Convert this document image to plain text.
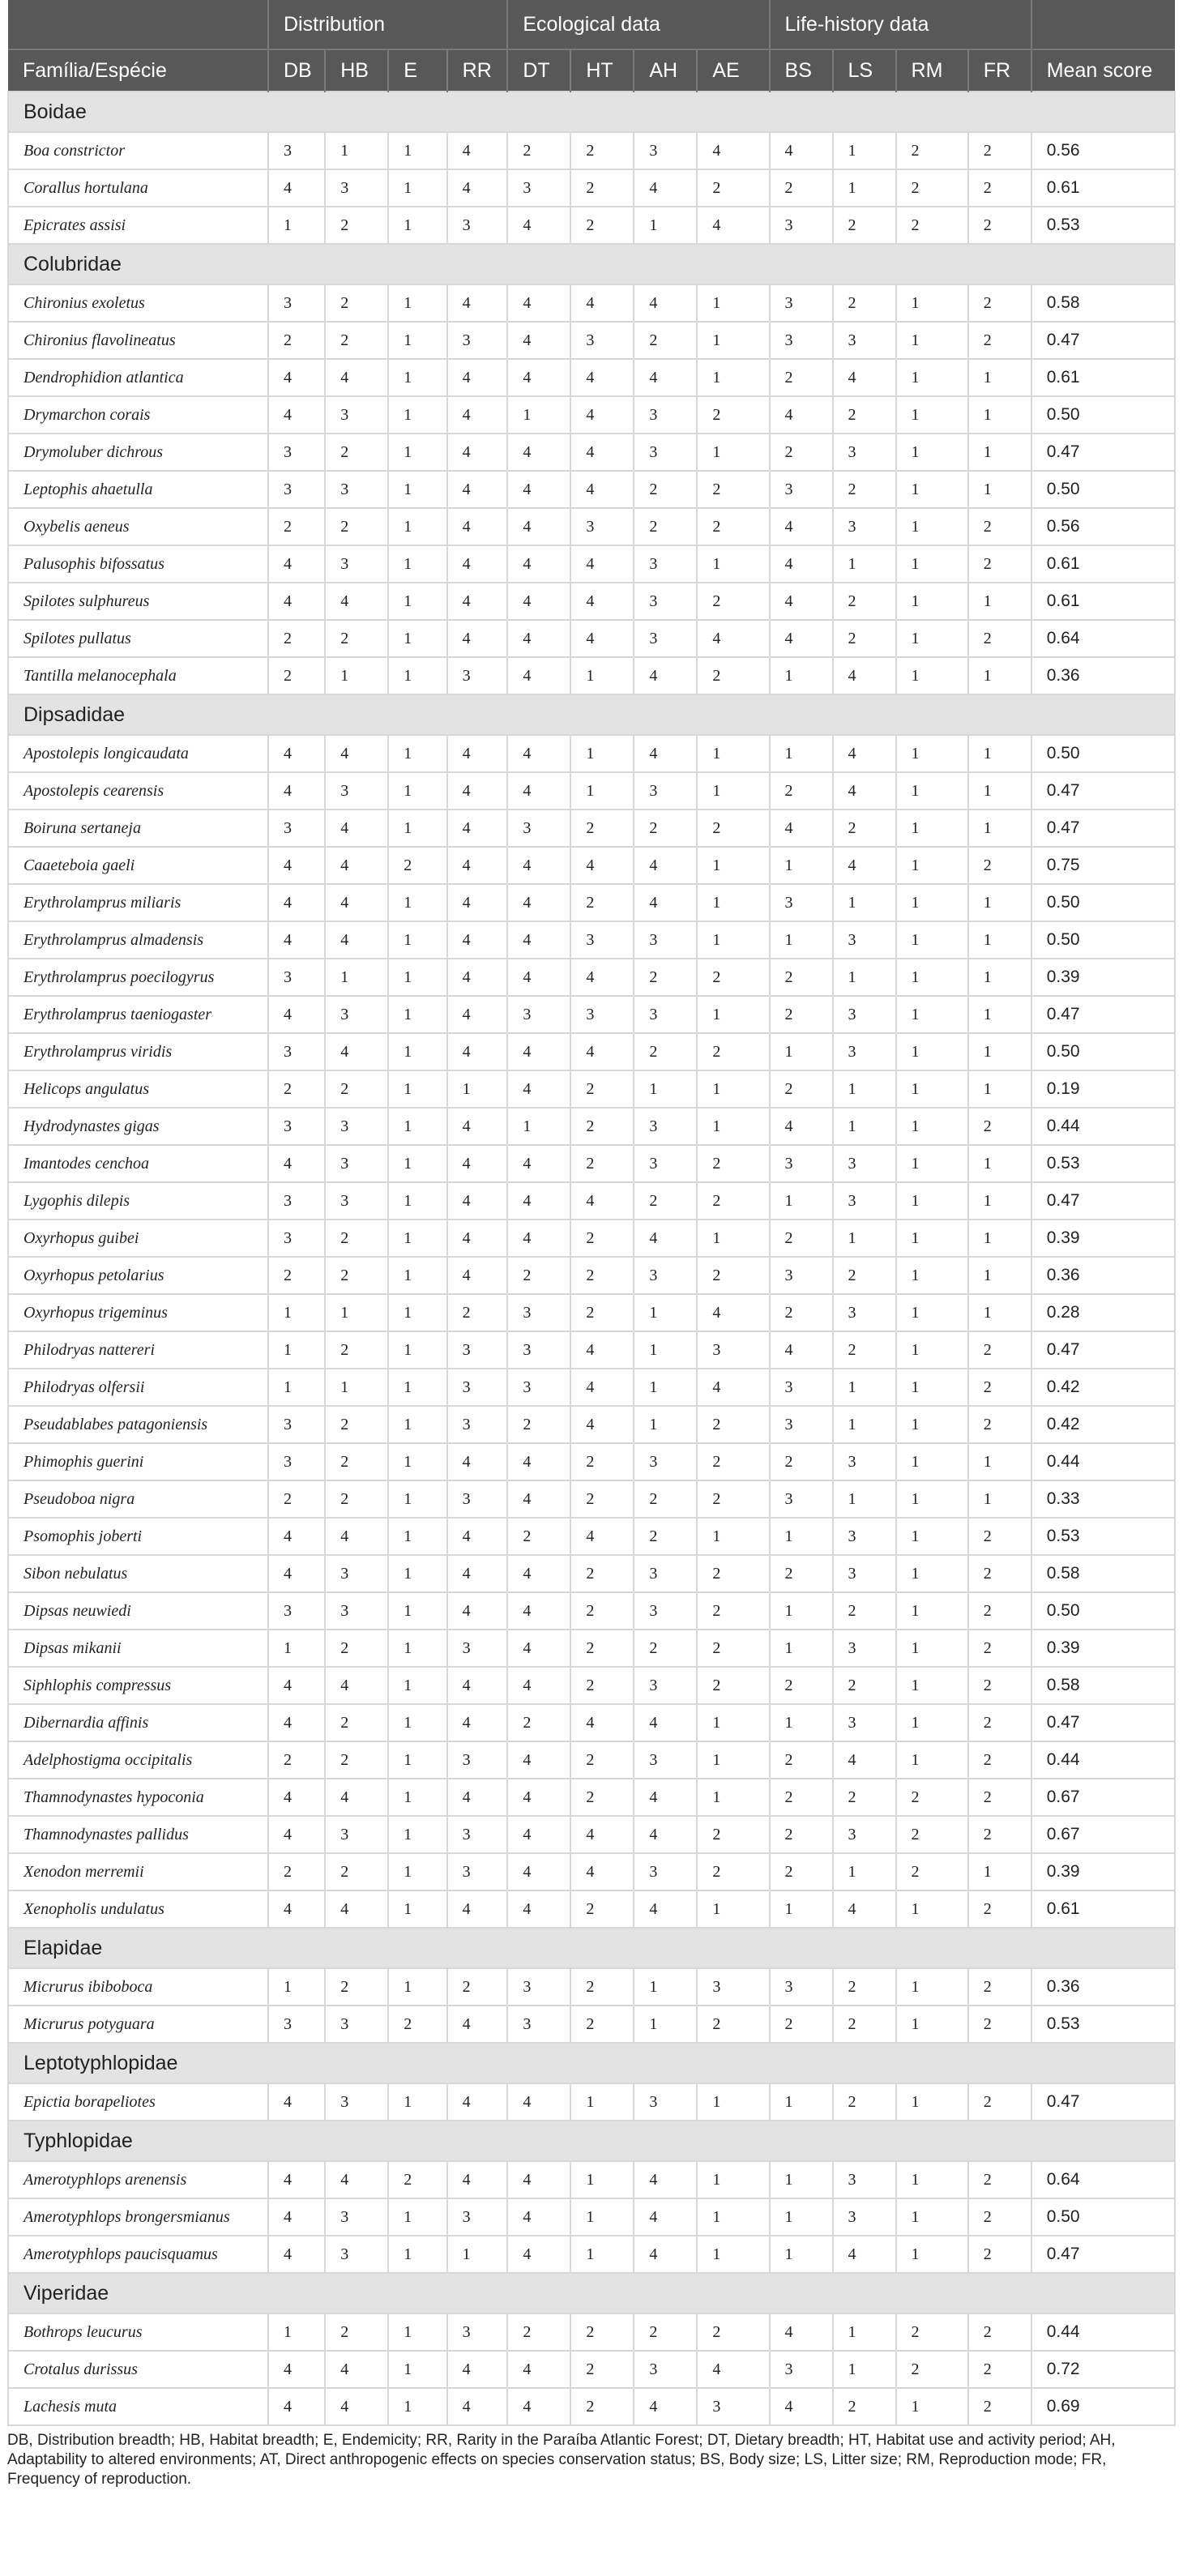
	Distribution				Ecological data				Life-history data				
Família/Espécie	DB	HB	E	RR	DT	HT	AH	AE	BS	LS	RM	FR	Mean score
Boidae													
Boa constrictor	3	1	1	4	2	2	3	4	4	1	2	2	0.56
Corallus hortulana	4	3	1	4	3	2	4	2	2	1	2	2	0.61
Epicrates assisi	1	2	1	3	4	2	1	4	3	2	2	2	0.53
Colubridae													
Chironius exoletus	3	2	1	4	4	4	4	1	3	2	1	2	0.58
Chironius flavolineatus	2	2	1	3	4	3	2	1	3	3	1	2	0.47
Dendrophidion atlantica	4	4	1	4	4	4	4	1	2	4	1	1	0.61
Drymarchon corais	4	3	1	4	1	4	3	2	4	2	1	1	0.50
Drymoluber dichrous	3	2	1	4	4	4	3	1	2	3	1	1	0.47
Leptophis ahaetulla	3	3	1	4	4	4	2	2	3	2	1	1	0.50
Oxybelis aeneus	2	2	1	4	4	3	2	2	4	3	1	2	0.56
Palusophis bifossatus	4	3	1	4	4	4	3	1	4	1	1	2	0.61
Spilotes sulphureus	4	4	1	4	4	4	3	2	4	2	1	1	0.61
Spilotes pullatus	2	2	1	4	4	4	3	4	4	2	1	2	0.64
Tantilla melanocephala	2	1	1	3	4	1	4	2	1	4	1	1	0.36
Dipsadidae													
Apostolepis longicaudata	4	4	1	4	4	1	4	1	1	4	1	1	0.50
Apostolepis cearensis	4	3	1	4	4	1	3	1	2	4	1	1	0.47
Boiruna sertaneja	3	4	1	4	3	2	2	2	4	2	1	1	0.47
Caaeteboia gaeli	4	4	2	4	4	4	4	1	1	4	1	2	0.75
Erythrolamprus miliaris	4	4	1	4	4	2	4	1	3	1	1	1	0.50
Erythrolamprus almadensis	4	4	1	4	4	3	3	1	1	3	1	1	0.50
Erythrolamprus poecilogyrus	3	1	1	4	4	4	2	2	2	1	1	1	0.39
Erythrolamprus taeniogaster	4	3	1	4	3	3	3	1	2	3	1	1	0.47
Erythrolamprus viridis	3	4	1	4	4	4	2	2	1	3	1	1	0.50
Helicops angulatus	2	2	1	1	4	2	1	1	2	1	1	1	0.19
Hydrodynastes gigas	3	3	1	4	1	2	3	1	4	1	1	2	0.44
Imantodes cenchoa	4	3	1	4	4	2	3	2	3	3	1	1	0.53
Lygophis dilepis	3	3	1	4	4	4	2	2	1	3	1	1	0.47
Oxyrhopus guibei	3	2	1	4	4	2	4	1	2	1	1	1	0.39
Oxyrhopus petolarius	2	2	1	4	2	2	3	2	3	2	1	1	0.36
Oxyrhopus trigeminus	1	1	1	2	3	2	1	4	2	3	1	1	0.28
Philodryas nattereri	1	2	1	3	3	4	1	3	4	2	1	2	0.47
Philodryas olfersii	1	1	1	3	3	4	1	4	3	1	1	2	0.42
Pseudablabes patagoniensis	3	2	1	3	2	4	1	2	3	1	1	2	0.42
Phimophis guerini	3	2	1	4	4	2	3	2	2	3	1	1	0.44
Pseudoboa nigra	2	2	1	3	4	2	2	2	3	1	1	1	0.33
Psomophis joberti	4	4	1	4	2	4	2	1	1	3	1	2	0.53
Sibon nebulatus	4	3	1	4	4	2	3	2	2	3	1	2	0.58
Dipsas neuwiedi	3	3	1	4	4	2	3	2	1	2	1	2	0.50
Dipsas mikanii	1	2	1	3	4	2	2	2	1	3	1	2	0.39
Siphlophis compressus	4	4	1	4	4	2	3	2	2	2	1	2	0.58
Dibernardia affinis	4	2	1	4	2	4	4	1	1	3	1	2	0.47
Adelphostigma occipitalis	2	2	1	3	4	2	3	1	2	4	1	2	0.44
Thamnodynastes hypoconia	4	4	1	4	4	2	4	1	2	2	2	2	0.67
Thamnodynastes pallidus	4	3	1	3	4	4	4	2	2	3	2	2	0.67
Xenodon merremii	2	2	1	3	4	4	3	2	2	1	2	1	0.39
Xenopholis undulatus	4	4	1	4	4	2	4	1	1	4	1	2	0.61
Elapidae													
Micrurus ibiboboca	1	2	1	2	3	2	1	3	3	2	1	2	0.36
Micrurus potyguara	3	3	2	4	3	2	1	2	2	2	1	2	0.53
Leptotyphlopidae													
Epictia borapeliotes	4	3	1	4	4	1	3	1	1	2	1	2	0.47
Typhlopidae													
Amerotyphlops arenensis	4	4	2	4	4	1	4	1	1	3	1	2	0.64
Amerotyphlops brongersmianus	4	3	1	3	4	1	4	1	1	3	1	2	0.50
Amerotyphlops paucisquamus	4	3	1	1	4	1	4	1	1	4	1	2	0.47
Viperidae													
Bothrops leucurus	1	2	1	3	2	2	2	2	4	1	2	2	0.44
Crotalus durissus	4	4	1	4	4	2	3	4	3	1	2	2	0.72
Lachesis muta	4	4	1	4	4	2	4	3	4	2	1	2	0.69
DB, Distribution breadth; HB, Habitat breadth; E, Endemicity; RR, Rarity in the Paraíba Atlantic Forest; DT, Dietary breadth; HT, Habitat use and activity period; AH, Adaptability to altered environments; AT, Direct anthropogenic effects on species conservation status; BS, Body size; LS, Litter size; RM, Reproduction mode; FR, Frequency of reproduction.
